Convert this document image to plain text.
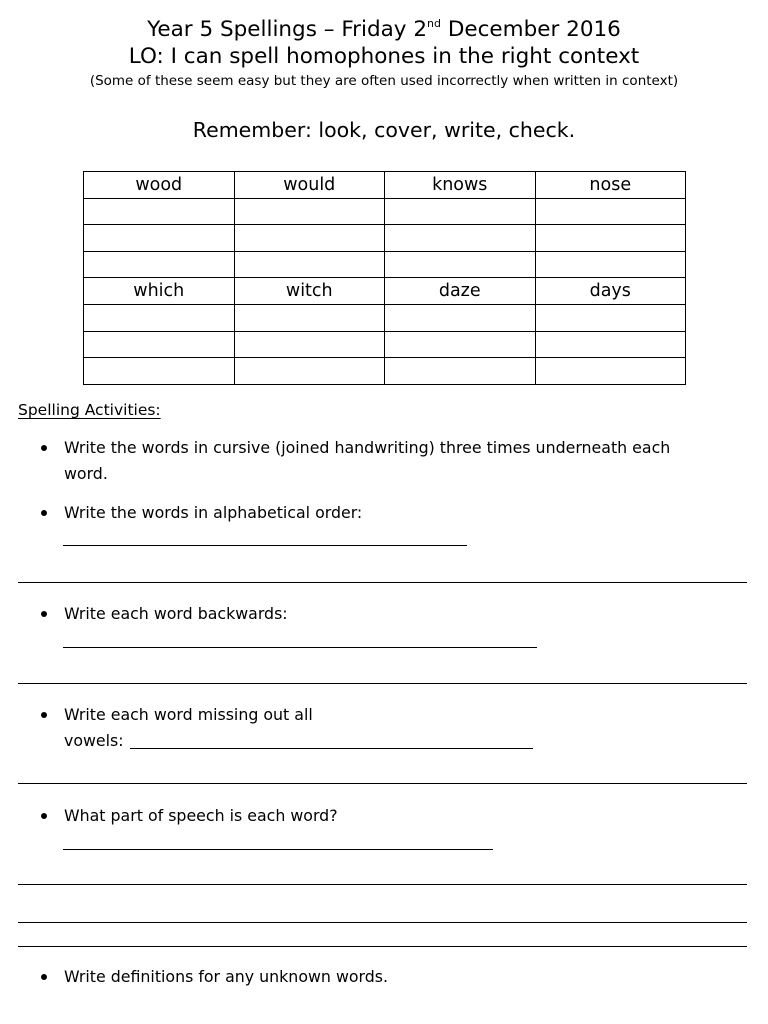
Year 5 Spellings – Friday 2nd December 2016
LO: I can spell homophones in the right context
(Some of these seem easy but they are often used incorrectly when written in context)
Remember: look, cover, write, check.
wood	would	knows	nose

which	witch	daze	days

Spelling Activities:
Write the words in cursive (joined handwriting) three times underneath each
word.
Write the words in alphabetical order:
Write each word backwards:
Write each word missing out all
vowels:
What part of speech is each word?
Write definitions for any unknown words.
